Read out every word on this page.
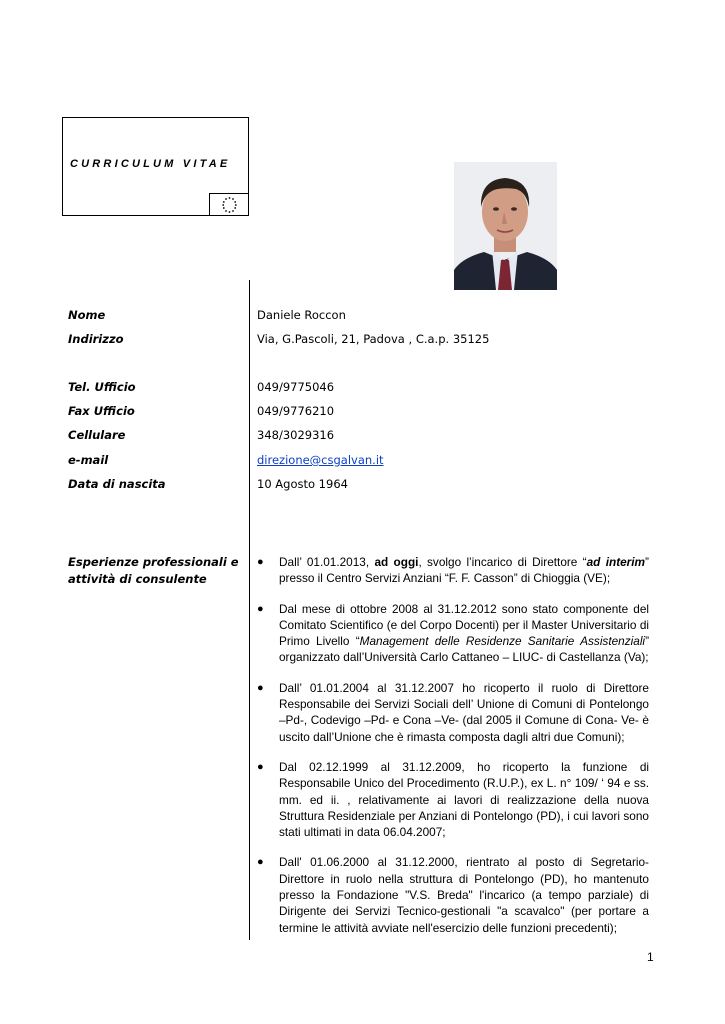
CURRICULUM VITAE
Nome	Daniele Roccon
Indirizzo	Via, G.Pascoli, 21, Padova , C.a.p. 35125
Tel. Ufficio	049/9775046
Fax Ufficio	049/9776210
Cellulare	348/3029316
e-mail	direzione@csgalvan.it
Data di nascita	10 Agosto 1964
Esperienze professionali e attività di consulente
● Dall’ 01.01.2013, ad oggi, svolgo l’incarico di Direttore “ad interim” presso il Centro Servizi Anziani “F. F. Casson” di Chioggia (VE);
● Dal mese di ottobre 2008 al 31.12.2012 sono stato componente del Comitato Scientifico (e del Corpo Docenti) per il Master Universitario di Primo Livello “Management delle Residenze Sanitarie Assistenziali” organizzato dall’Università Carlo Cattaneo – LIUC- di Castellanza (Va);
● Dall’ 01.01.2004 al 31.12.2007 ho ricoperto il ruolo di Direttore Responsabile dei Servizi Sociali dell’ Unione di Comuni di Pontelongo –Pd-, Codevigo –Pd- e Cona –Ve- (dal 2005 il Comune di Cona- Ve- è uscito dall’Unione che è rimasta composta dagli altri due Comuni);
● Dal 02.12.1999 al 31.12.2009, ho ricoperto la funzione di Responsabile Unico del Procedimento (R.U.P.), ex L. n° 109/ ‘ 94 e ss. mm. ed ii. , relativamente ai lavori di realizzazione della nuova Struttura Residenziale per Anziani di Pontelongo (PD), i cui lavori sono stati ultimati in data 06.04.2007;
● Dall' 01.06.2000 al 31.12.2000, rientrato al posto di Segretario-Direttore in ruolo nella struttura di Pontelongo (PD), ho mantenuto presso la Fondazione "V.S. Breda" l'incarico (a tempo parziale) di Dirigente dei Servizi Tecnico-gestionali "a scavalco" (per portare a termine le attività avviate nell'esercizio delle funzioni precedenti);
1
